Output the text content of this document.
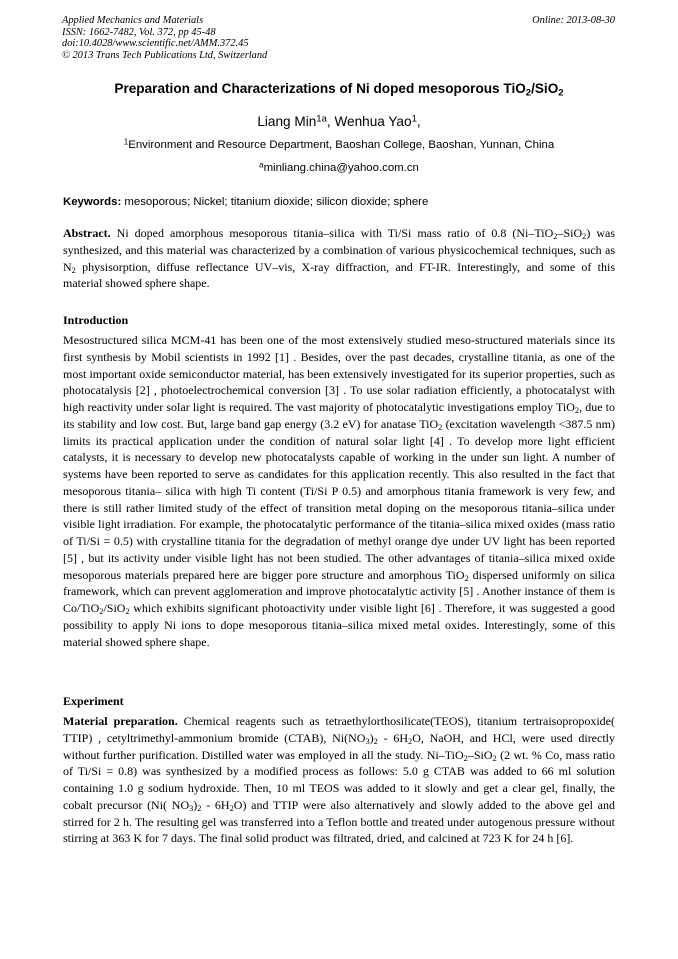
Applied Mechanics and Materials
ISSN: 1662-7482, Vol. 372, pp 45-48
doi:10.4028/www.scientific.net/AMM.372.45
© 2013 Trans Tech Publications Ltd, Switzerland
Online: 2013-08-30
Preparation and Characterizations of Ni doped mesoporous TiO$_2$/SiO$_2$
Liang Min$^{1a}$, Wenhua Yao$^1$,
$^1$Environment and Resource Department, Baoshan College, Baoshan, Yunnan, China
$^a$minliang.china@yahoo.com.cn
Keywords: mesoporous; Nickel; titanium dioxide; silicon dioxide; sphere
Abstract. Ni doped amorphous mesoporous titania–silica with Ti/Si mass ratio of 0.8 (Ni–TiO$_2$–SiO$_2$) was synthesized, and this material was characterized by a combination of various physicochemical techniques, such as $N_2$ physisorption, diffuse reflectance UV–vis, X-ray diffraction, and FT-IR. Interestingly, and some of this material showed sphere shape.
Introduction
Mesostructured silica MCM-41 has been one of the most extensively studied meso-structured materials since its first synthesis by Mobil scientists in 1992 [1] . Besides, over the past decades, crystalline titania, as one of the most important oxide semiconductor material, has been extensively investigated for its superior properties, such as photocatalysis [2] , photoelectrochemical conversion [3] . To use solar radiation efficiently, a photocatalyst with high reactivity under solar light is required. The vast majority of photocatalytic investigations employ TiO$_2$, due to its stability and low cost. But, large band gap energy (3.2 eV) for anatase TiO$_2$ (excitation wavelength <387.5 nm) limits its practical application under the condition of natural solar light [4] . To develop more light efficient catalysts, it is necessary to develop new photocatalysts capable of working in the under sun light. A number of systems have been reported to serve as candidates for this application recently. This also resulted in the fact that mesoporous titania– silica with high Ti content (Ti/Si P 0.5) and amorphous titania framework is very few, and there is still rather limited study of the effect of transition metal doping on the mesoporous titania–silica under visible light irradiation. For example, the photocatalytic performance of the titania–silica mixed oxides (mass ratio of Ti/Si = 0.5) with crystalline titania for the degradation of methyl orange dye under UV light has been reported [5] , but its activity under visible light has not been studied. The other advantages of titania–silica mixed oxide mesoporous materials prepared here are bigger pore structure and amorphous TiO$_2$ dispersed uniformly on silica framework, which can prevent agglomeration and improve photocatalytic activity [5] . Another instance of them is Co/TiO$_2$/SiO$_2$ which exhibits significant photoactivity under visible light [6] . Therefore, it was suggested a good possibility to apply Ni ions to dope mesoporous titania–silica mixed metal oxides. Interestingly, some of this material showed sphere shape.
Experiment
Material preparation. Chemical reagents such as tetraethylorthosilicate(TEOS), titanium tertraisopropoxide( TTIP) , cetyltrimethyl-ammonium bromide (CTAB), $Ni(NO_3)_2 - 6H_2O$, NaOH, and HCl, were used directly without further purification. Distilled water was employed in all the study. Ni–TiO$_2$–SiO$_2$ (2 wt. % Co, mass ratio of Ti/Si = 0.8) was synthesized by a modified process as follows: 5.0 g CTAB was added to 66 ml solution containing 1.0 g sodium hydroxide. Then, 10 ml TEOS was added to it slowly and get a clear gel, finally, the cobalt precursor (Ni( $NO_3)_2 - 6H_2O$) and TTIP were also alternatively and slowly added to the above gel and stirred for 2 h. The resulting gel was transferred into a Teflon bottle and treated under autogenous pressure without stirring at 363 K for 7 days. The final solid product was filtrated, dried, and calcined at 723 K for 24 h [6].
